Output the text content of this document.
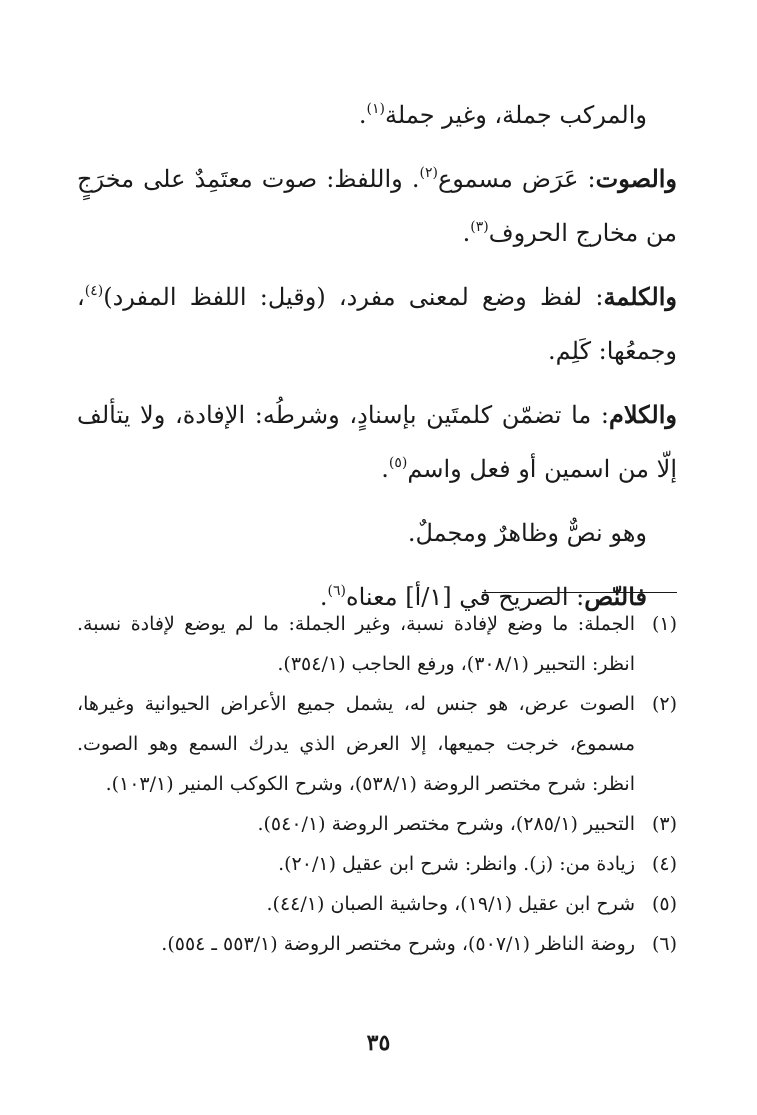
والمركب جملة، وغير جملة$^{(١)}$.

والصوت: عَرَض مسموع$^{(٢)}$. واللفظ: صوت معتَمِدٌ على مخرَجٍ من مخارج الحروف$^{(٣)}$.

والكلمة: لفظ وضع لمعنى مفرد، (وقيل: اللفظ المفرد)$^{(٤)}$، وجمعُها: كَلِم.

والكلام: ما تضمّن كلمتَين بإسنادٍ، وشرطُه: الإفادة، ولا يتألف إلّا من اسمين أو فعل واسم$^{(٥)}$.

وهو نصٌّ وظاهرٌ ومجملٌ.

فالنّص: الصريح في [١/أ] معناه$^{(٦)}$.

(١)
الجملة: ما وضع لإفادة نسبة، وغير الجملة: ما لم يوضع لإفادة نسبة. انظر: التحبير (٣٠٨/١)، ورفع الحاجب (٣٥٤/١).
(٢)
الصوت عرض، هو جنس له، يشمل جميع الأعراض الحيوانية وغيرها، مسموع، خرجت جميعها، إلا العرض الذي يدرك السمع وهو الصوت. انظر: شرح مختصر الروضة (٥٣٨/١)، وشرح الكوكب المنير (١٠٣/١).
(٣)
التحبير (٢٨٥/١)، وشرح مختصر الروضة (٥٤٠/١).
(٤)
زيادة من: (ز). وانظر: شرح ابن عقيل (٢٠/١).
(٥)
شرح ابن عقيل (١٩/١)، وحاشية الصبان (٤٤/١).
(٦)
روضة الناظر (٥٠٧/١)، وشرح مختصر الروضة (٥٥٣/١ ـ ٥٥٤).
٣٥
